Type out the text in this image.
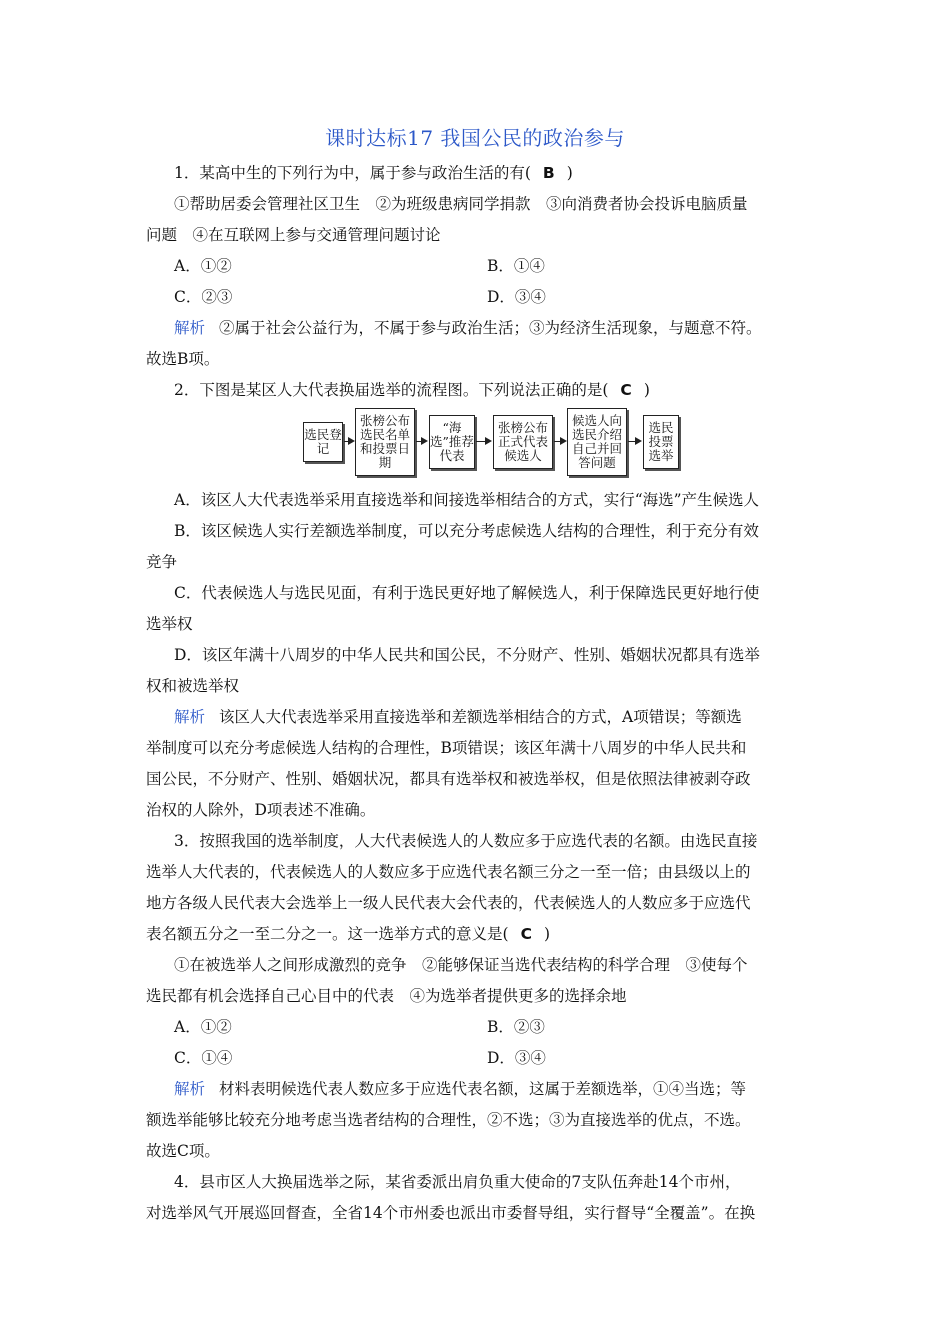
课时达标17 我国公民的政治参与
1．某高中生的下列行为中，属于参与政治生活的有( B )
①帮助居委会管理社区卫生　②为班级患病同学捐款　③向消费者协会投诉电脑质量
问题　④在互联网上参与交通管理问题讨论
A．①②	B．①④
C．②③	D．③④
解析 ②属于社会公益行为，不属于参与政治生活；③为经济生活现象，与题意不符。
故选B项。
2．下图是某区人大代表换届选举的流程图。下列说法正确的是( C )
选民登记
张榜公布选民名单和投票日期
“海选”推荐代表
张榜公布正式代表候选人
候选人向选民介绍自己并回答问题
选民投票选举
A．该区人大代表选举采用直接选举和间接选举相结合的方式，实行“海选”产生候选人
B．该区候选人实行差额选举制度，可以充分考虑候选人结构的合理性，利于充分有效
竞争
C．代表候选人与选民见面，有利于选民更好地了解候选人，利于保障选民更好地行使
选举权
D．该区年满十八周岁的中华人民共和国公民，不分财产、性别、婚姻状况都具有选举
权和被选举权
解析 该区人大代表选举采用直接选举和差额选举相结合的方式，A项错误；等额选
举制度可以充分考虑候选人结构的合理性，B项错误；该区年满十八周岁的中华人民共和
国公民，不分财产、性别、婚姻状况，都具有选举权和被选举权，但是依照法律被剥夺政
治权的人除外，D项表述不准确。
3．按照我国的选举制度，人大代表候选人的人数应多于应选代表的名额。由选民直接
选举人大代表的，代表候选人的人数应多于应选代表名额三分之一至一倍；由县级以上的
地方各级人民代表大会选举上一级人民代表大会代表的，代表候选人的人数应多于应选代
表名额五分之一至二分之一。这一选举方式的意义是( C )
①在被选举人之间形成激烈的竞争　②能够保证当选代表结构的科学合理　③使每个
选民都有机会选择自己心目中的代表　④为选举者提供更多的选择余地
A．①②	B．②③
C．①④	D．③④
解析 材料表明候选代表人数应多于应选代表名额，这属于差额选举，①④当选；等
额选举能够比较充分地考虑当选者结构的合理性，②不选；③为直接选举的优点，不选。
故选C项。
4．县市区人大换届选举之际，某省委派出肩负重大使命的7支队伍奔赴14个市州，
对选举风气开展巡回督查，全省14个市州委也派出市委督导组，实行督导“全覆盖”。在换
